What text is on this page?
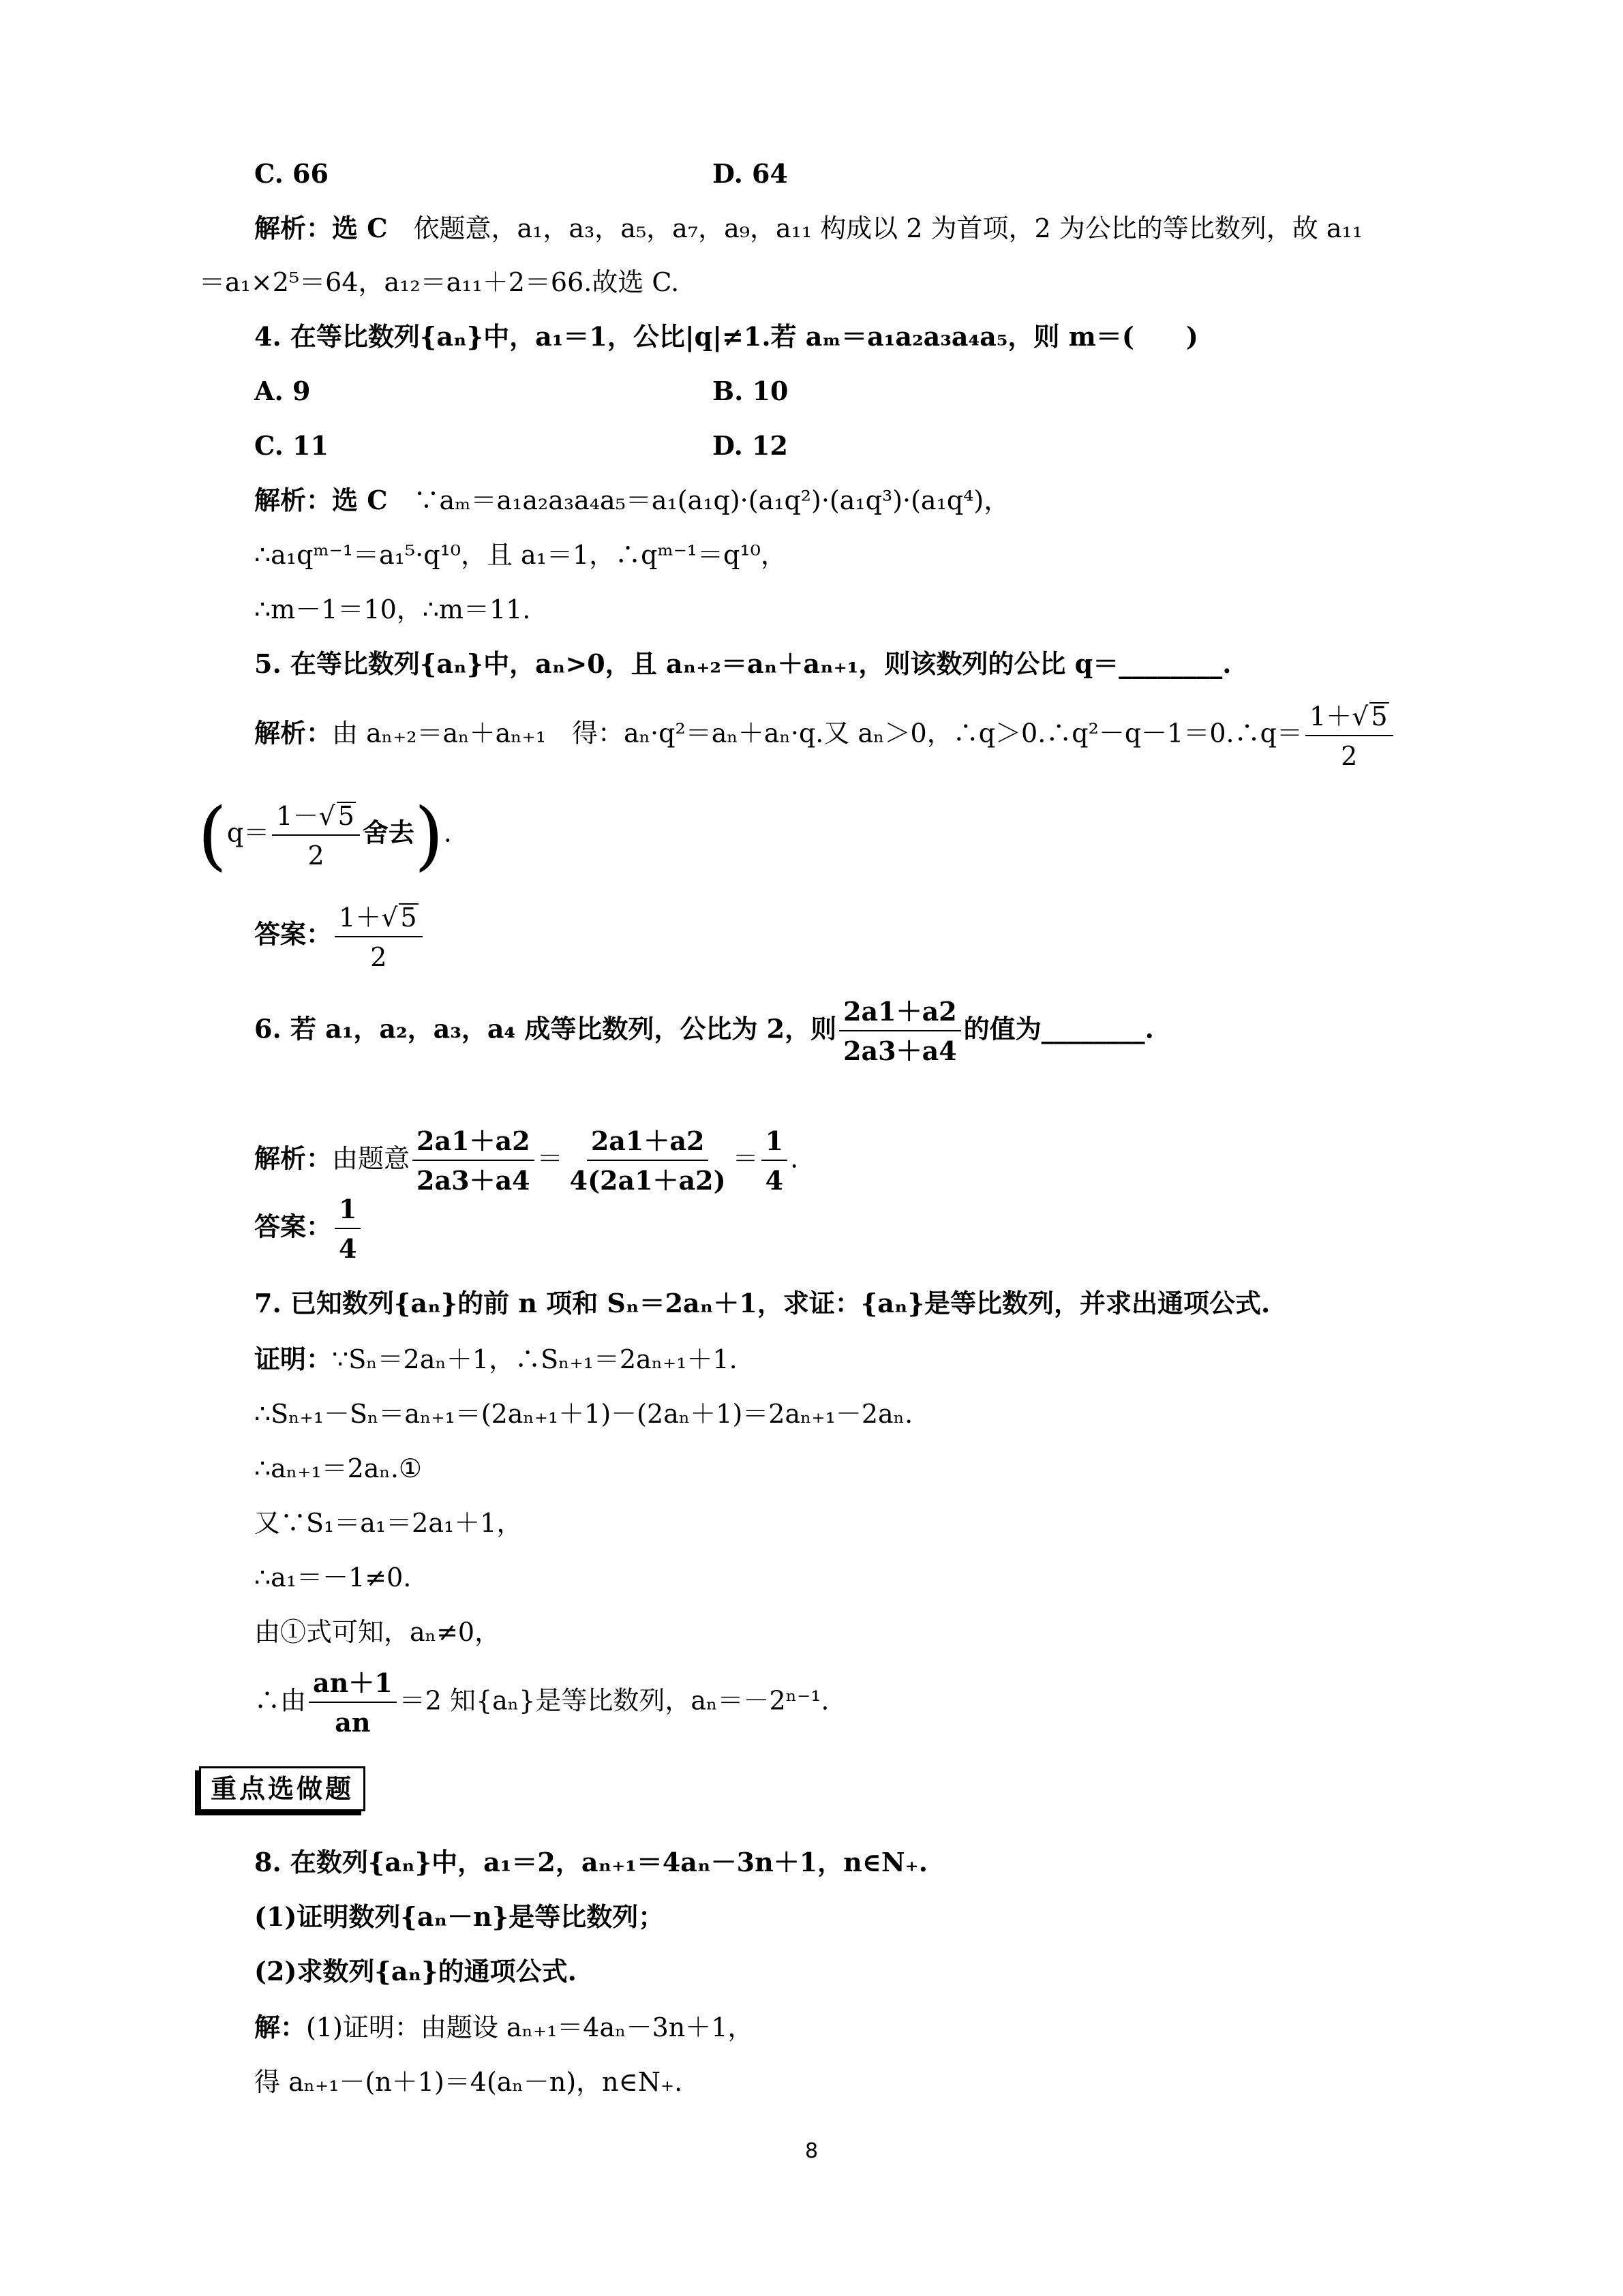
C. 66	D. 64
解析：选 C　 依题意，a₁，a₃，a₅，a₇，a₉，a₁₁ 构成以 2 为首项，2 为公比的等比数列，故 a₁₁
＝a₁×2⁵＝64，a₁₂＝a₁₁＋2＝66.故选 C.
4. 在等比数列{aₙ}中，a₁＝1，公比|q|≠1.若 aₘ＝a₁a₂a₃a₄a₅，则 m＝(　　)
A. 9	B. 10
C. 11	D. 12
解析：选 C　 ∵aₘ＝a₁a₂a₃a₄a₅＝a₁(a₁q)·(a₁q²)·(a₁q³)·(a₁q⁴)，
∴a₁qᵐ⁻¹＝a₁⁵·q¹⁰，且 a₁＝1，∴qᵐ⁻¹＝q¹⁰，
∴m－1＝10，∴m＝11.
5. 在等比数列{aₙ}中，aₙ>0，且 aₙ₊₂＝aₙ＋aₙ₊₁，则该数列的公比 q＝________.
解析：由 aₙ₊₂＝aₙ＋aₙ₊₁　得：aₙ·q²＝aₙ＋aₙ·q.又 aₙ＞0，∴q＞0.∴q²－q－1＝0.∴q＝ $\frac{1+√ 5}{2}$
($q= \frac{1-√ 5}{2}$ 舍去).
答案： $\frac{1+√ 5}{2}$
6. 若 a₁，a₂，a₃，a₄ 成等比数列，公比为 2，则 $\frac{2a1+a2}{2a3+a4}$ 的值为________.
解析：由题意 $\frac{2a1+a2}{2a3+a4} = \frac{2a1+a2}{4(2a1+a2)} = \frac{1}{4}$ .
答案： $\frac{1}{4}$
7. 已知数列{aₙ}的前 n 项和 Sₙ＝2aₙ＋1，求证：{aₙ}是等比数列，并求出通项公式.
证明：∵Sₙ＝2aₙ＋1，∴Sₙ₊₁＝2aₙ₊₁＋1.
∴Sₙ₊₁－Sₙ＝aₙ₊₁＝(2aₙ₊₁＋1)－(2aₙ＋1)＝2aₙ₊₁－2aₙ.
∴aₙ₊₁＝2aₙ.①
又∵S₁＝a₁＝2a₁＋1，
∴a₁＝－1≠0.
由①式可知，aₙ≠0，
∴由 $\frac{an+1}{an} =2$ 知{aₙ}是等比数列，aₙ＝－2ⁿ⁻¹.
重点选做题
8. 在数列{aₙ}中，a₁＝2，aₙ₊₁＝4aₙ－3n＋1，n∈N₊.
(1)证明数列{aₙ－n}是等比数列；
(2)求数列{aₙ}的通项公式.
解：(1)证明：由题设 aₙ₊₁＝4aₙ－3n＋1，
得 aₙ₊₁－(n＋1)＝4(aₙ－n)，n∈N₊.
8
